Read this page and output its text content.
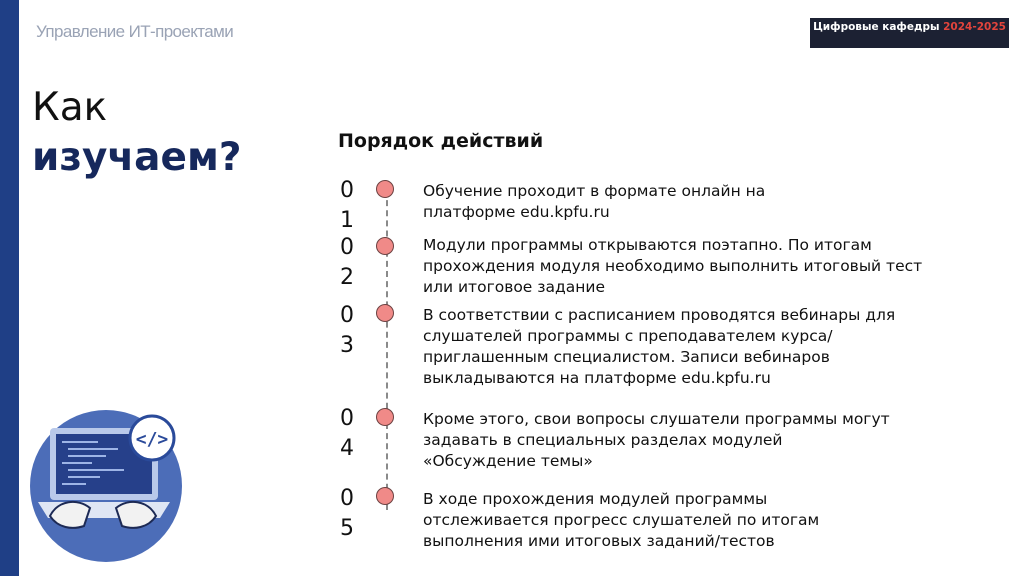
Управление ИТ-проектами	Цифровые кафедры 2024-2025
Как
изучаем?	Порядок действий
01
Обучение проходит в формате онлайн на платформе edu.kpfu.ru
02
Модули программы открываются поэтапно. По итогам прохождения модуля необходимо выполнить итоговый тест или итоговое задание
03
В соответствии с расписанием проводятся вебинары для слушателей программы с преподавателем курса/приглашенным специалистом. Записи вебинаров выкладываются на платформе edu.kpfu.ru
04
Кроме этого, свои вопросы слушатели программы могут задавать в специальных разделах модулей «Обсуждение темы»
05
В ходе прохождения модулей программы отслеживается прогресс слушателей по итогам выполнения ими итоговых заданий/тестов
</>
